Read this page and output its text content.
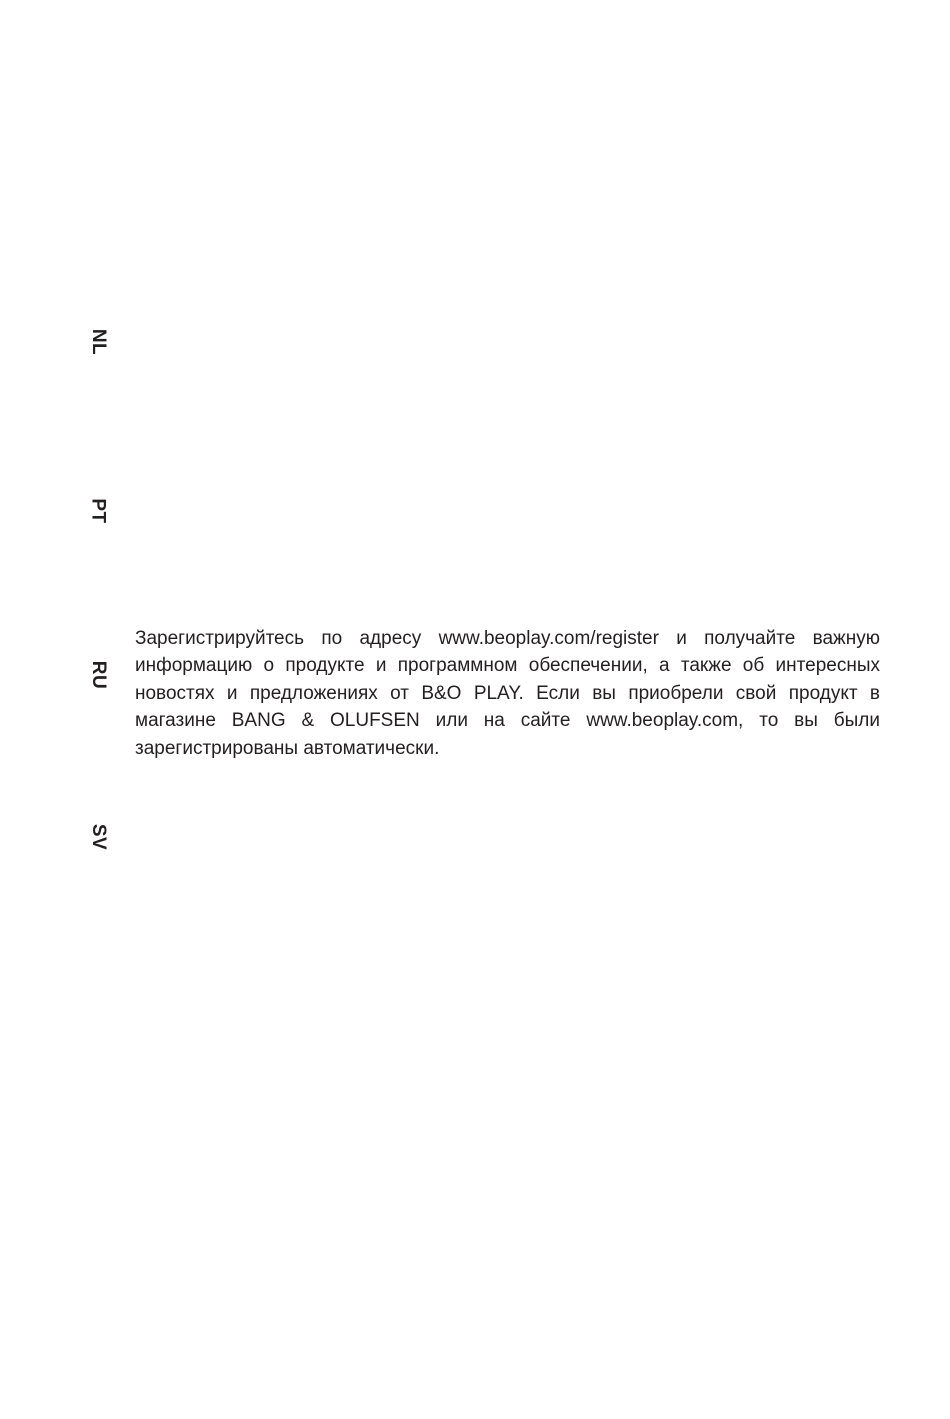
NL
PT
RU
SV

Зарегистрируйтесь по адресу www.beoplay.com/register и получайте важную информацию о продукте и программном обеспечении, а также об интересных новостях и предложениях от B&O PLAY. Если вы приобрели свой продукт в магазине BANG & OLUFSEN или на сайте www.beoplay.com, то вы были зарегистрированы автоматически.
